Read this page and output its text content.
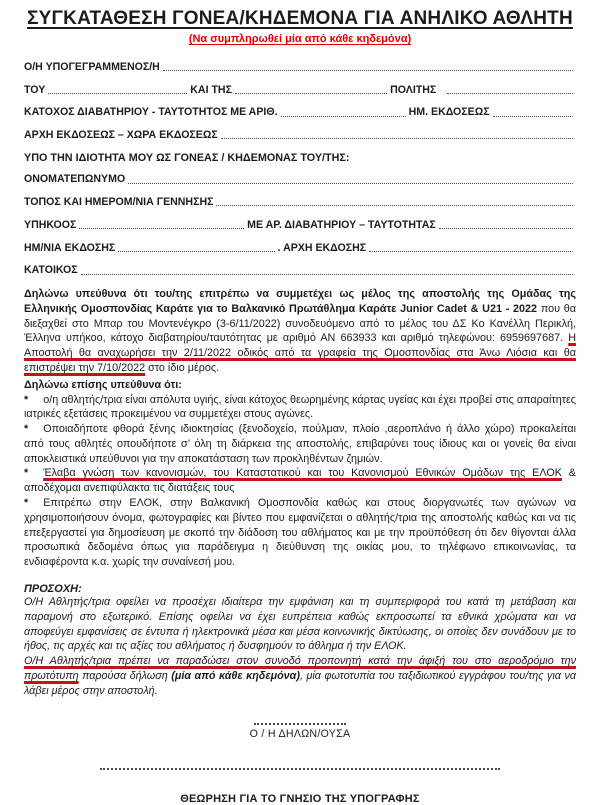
ΣΥΓΚΑΤΑΘΕΣΗ ΓΟΝΕΑ/ΚΗΔΕΜΟΝΑ ΓΙΑ ΑΝΗΛΙΚΟ ΑΘΛΗΤΗ
(Να συμπληρωθεί μία από κάθε κηδεμόνα)
Ο/Η ΥΠΟΓΕΓΡΑΜΜΕΝΟΣ/Η
ΤΟΥ	ΚΑΙ ΤΗΣ	ΠΟΛΙΤΗΣ
ΚΑΤΟΧΟΣ ΔΙΑΒΑΤΗΡΙΟΥ - ΤΑΥΤΟΤΗΤΟΣ ΜΕ ΑΡΙΘ.	ΗΜ. ΕΚΔΟΣΕΩΣ
ΑΡΧΗ ΕΚΔΟΣΕΩΣ – ΧΩΡΑ ΕΚΔΟΣΕΩΣ
ΥΠΟ ΤΗΝ ΙΔΙΟΤΗΤΑ ΜΟΥ ΩΣ ΓΟΝΕΑΣ / ΚΗΔΕΜΟΝΑΣ ΤΟΥ/ΤΗΣ:
ΟΝΟΜΑΤΕΠΩΝΥΜΟ
ΤΟΠΟΣ ΚΑΙ ΗΜΕΡΟΜ/ΝΙΑ ΓΕΝΝΗΣΗΣ
ΥΠΗΚΟΟΣ	ΜΕ ΑΡ. ΔΙΑΒΑΤΗΡΙΟΥ – ΤΑΥΤΟΤΗΤΑΣ
ΗΜ/ΝΙΑ ΕΚΔΟΣΗΣ	. ΑΡΧΗ ΕΚΔΟΣΗΣ
ΚΑΤΟΙΚΟΣ

Δηλώνω υπεύθυνα ότι του/της επιτρέπω να συμμετέχει ως μέλος της αποστολής της Ομάδας της Ελληνικής Ομοσπονδίας Καράτε για το Βαλκανικό Πρωτάθλημα Καράτε Junior Cadet & U21 - 2022 που θα διεξαχθεί στο Μπαρ του Μοντενέγκρο (3-6/11/2022) συνοδευόμενο από το μέλος του ΔΣ Κο Κανέλλη Περικλή, Έλληνα υπήκοο, κάτοχο διαβατηρίου/ταυτότητας με αριθμό ΑΝ 663933 και αριθμό τηλεφώνου: 6959697687. Η Αποστολή θα αναχωρήσει την 2/11/2022 οδικός από τα γραφεία της Ομοσπονδίας στα Άνω Λιόσια και θα επιστρέψει την 7/10/2022 στο ίδιο μέρος.

Δηλώνω επίσης υπεύθυνα ότι:

* ο/η αθλητής/τρια είναι απόλυτα υγιής, είναι κάτοχος θεωρημένης κάρτας υγείας και έχει προβεί στις απαραίτητες ιατρικές εξετάσεις προκειμένου να συμμετέχει στους αγώνες.

* Οποιαδήποτε φθορά ξένης ιδιοκτησίας (ξενοδοχείο, πούλμαν, πλοίο ,αεροπλάνο ή άλλο χώρο) προκαλείται από τους αθλητές οπουδήποτε σ’ όλη τη διάρκεια της αποστολής, επιβαρύνει τους ίδιους και οι γονείς θα είναι αποκλειστικά υπεύθυνοι για την αποκατάσταση των προκληθέντων ζημιών.

* Έλαβα γνώση των κανονισμών, του Καταστατικού και του Κανονισμού Εθνικών Ομάδων της ΕΛΟΚ & αποδέχομαι ανεπιφύλακτα τις διατάξεις τους

* Επιτρέπω στην ΕΛΟΚ, στην Βαλκανική Ομοσπονδία καθώς και στους διοργανωτές των αγώνων να χρησιμοποιήσουν όνομα, φωτογραφίες και βίντεο που εμφανίζεται ο αθλητής/τρια της αποστολής καθώς και να τις επεξεργαστεί για δημοσίευση με σκοπό την διάδοση του αθλήματος και με την προϋπόθεση ότι δεν θίγονται άλλα προσωπικά δεδομένα όπως για παράδειγμα η διεύθυνση της οικίας μου, το τηλέφωνο επικοινωνίας, τα ενδιαφέροντα κ.α. χωρίς την συναίνεσή μου.

ΠΡΟΣΟΧΗ:

Ο/Η Αθλητής/τρια οφείλει να προσέχει ιδιαίτερα την εμφάνιση και τη συμπεριφορά του κατά τη μετάβαση και παραμονή στο εξωτερικό. Επίσης οφείλει να έχει ευπρέπεια καθώς εκπροσωπεί τα εθνικά χρώματα και να αποφεύγει εμφανίσεις σε έντυπα ή ηλεκτρονικά μέσα και μέσα κοινωνικής δικτύωσης, οι οποίες δεν συνάδουν με το ήθος, τις αρχές και τις αξίες του αθλήματος ή δυσφημούν το άθλημα ή την ΕΛΟΚ.

Ο/Η Αθλητής/τρια πρέπει να παραδώσει στον συνοδό προπονητή κατά την άφιξή του στο αεροδρόμιο την πρωτότυπη παρούσα δήλωση (μία από κάθε κηδεμόνα), μία φωτοτυπία του ταξιδιωτικού εγγράφου του/της για να λάβει μέρος στην αποστολή.

Ο / Η ΔΗΛΩΝ/ΟΥΣΑ
ΘΕΩΡΗΣΗ ΓΙΑ ΤΟ ΓΝΗΣΙΟ ΤΗΣ ΥΠΟΓΡΑΦΗΣ
